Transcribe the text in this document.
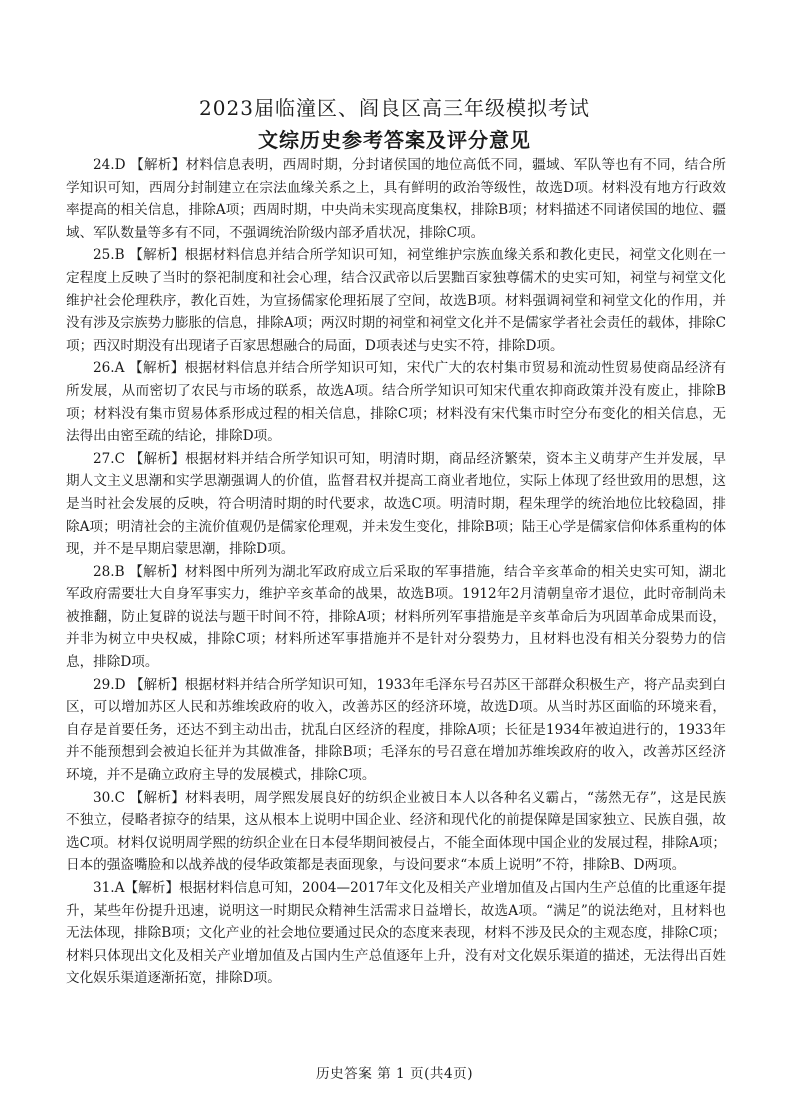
2023届临潼区、阎良区高三年级模拟考试
文综历史参考答案及评分意见

24.D 【解析】材料信息表明，西周时期，分封诸侯国的地位高低不同，疆域、军队等也有不同，结合所学知识可知，西周分封制建立在宗法血缘关系之上，具有鲜明的政治等级性，故选D项。材料没有地方行政效率提高的相关信息，排除A项；西周时期，中央尚未实现高度集权，排除B项；材料描述不同诸侯国的地位、疆域、军队数量等多有不同，不强调统治阶级内部矛盾状况，排除C项。

25.B 【解析】根据材料信息并结合所学知识可知，祠堂维护宗族血缘关系和教化吏民，祠堂文化则在一定程度上反映了当时的祭祀制度和社会心理，结合汉武帝以后罢黜百家独尊儒术的史实可知，祠堂与祠堂文化维护社会伦理秩序，教化百姓，为宣扬儒家伦理拓展了空间，故选B项。材料强调祠堂和祠堂文化的作用，并没有涉及宗族势力膨胀的信息，排除A项；两汉时期的祠堂和祠堂文化并不是儒家学者社会责任的载体，排除C项；西汉时期没有出现诸子百家思想融合的局面，D项表述与史实不符，排除D项。

26.A 【解析】根据材料信息并结合所学知识可知，宋代广大的农村集市贸易和流动性贸易使商品经济有所发展，从而密切了农民与市场的联系，故选A项。结合所学知识可知宋代重农抑商政策并没有废止，排除B项；材料没有集市贸易体系形成过程的相关信息，排除C项；材料没有宋代集市时空分布变化的相关信息，无法得出由密至疏的结论，排除D项。

27.C 【解析】根据材料并结合所学知识可知，明清时期，商品经济繁荣，资本主义萌芽产生并发展，早期人文主义思潮和实学思潮强调人的价值，监督君权并提高工商业者地位，实际上体现了经世致用的思想，这是当时社会发展的反映，符合明清时期的时代要求，故选C项。明清时期，程朱理学的统治地位比较稳固，排除A项；明清社会的主流价值观仍是儒家伦理观，并未发生变化，排除B项；陆王心学是儒家信仰体系重构的体现，并不是早期启蒙思潮，排除D项。

28.B 【解析】材料图中所列为湖北军政府成立后采取的军事措施，结合辛亥革命的相关史实可知，湖北军政府需要壮大自身军事实力，维护辛亥革命的战果，故选B项。1912年2月清朝皇帝才退位，此时帝制尚未被推翻，防止复辟的说法与题干时间不符，排除A项；材料所列军事措施是辛亥革命后为巩固革命成果而设，并非为树立中央权威，排除C项；材料所述军事措施并不是针对分裂势力，且材料也没有相关分裂势力的信息，排除D项。

29.D 【解析】根据材料并结合所学知识可知，1933年毛泽东号召苏区干部群众积极生产，将产品卖到白区，可以增加苏区人民和苏维埃政府的收入，改善苏区的经济环境，故选D项。从当时苏区面临的环境来看，自存是首要任务，还达不到主动出击，扰乱白区经济的程度，排除A项；长征是1934年被迫进行的，1933年并不能预想到会被迫长征并为其做准备，排除B项；毛泽东的号召意在增加苏维埃政府的收入，改善苏区经济环境，并不是确立政府主导的发展模式，排除C项。

30.C 【解析】材料表明，周学熙发展良好的纺织企业被日本人以各种名义霸占，“荡然无存”，这是民族不独立，侵略者掠夺的结果，这从根本上说明中国企业、经济和现代化的前提保障是国家独立、民族自强，故选C项。材料仅说明周学熙的纺织企业在日本侵华期间被侵占，不能全面体现中国企业的发展过程，排除A项；日本的强盗嘴脸和以战养战的侵华政策都是表面现象，与设问要求“本质上说明”不符，排除B、D两项。

31.A【解析】根据材料信息可知，2004—2017年文化及相关产业增加值及占国内生产总值的比重逐年提升，某些年份提升迅速，说明这一时期民众精神生活需求日益增长，故选A项。“满足”的说法绝对，且材料也无法体现，排除B项；文化产业的社会地位要通过民众的态度来表现，材料不涉及民众的主观态度，排除C项；材料只体现出文化及相关产业增加值及占国内生产总值逐年上升，没有对文化娱乐渠道的描述，无法得出百姓文化娱乐渠道逐渐拓宽，排除D项。

历史答案 第 1 页(共4页)
